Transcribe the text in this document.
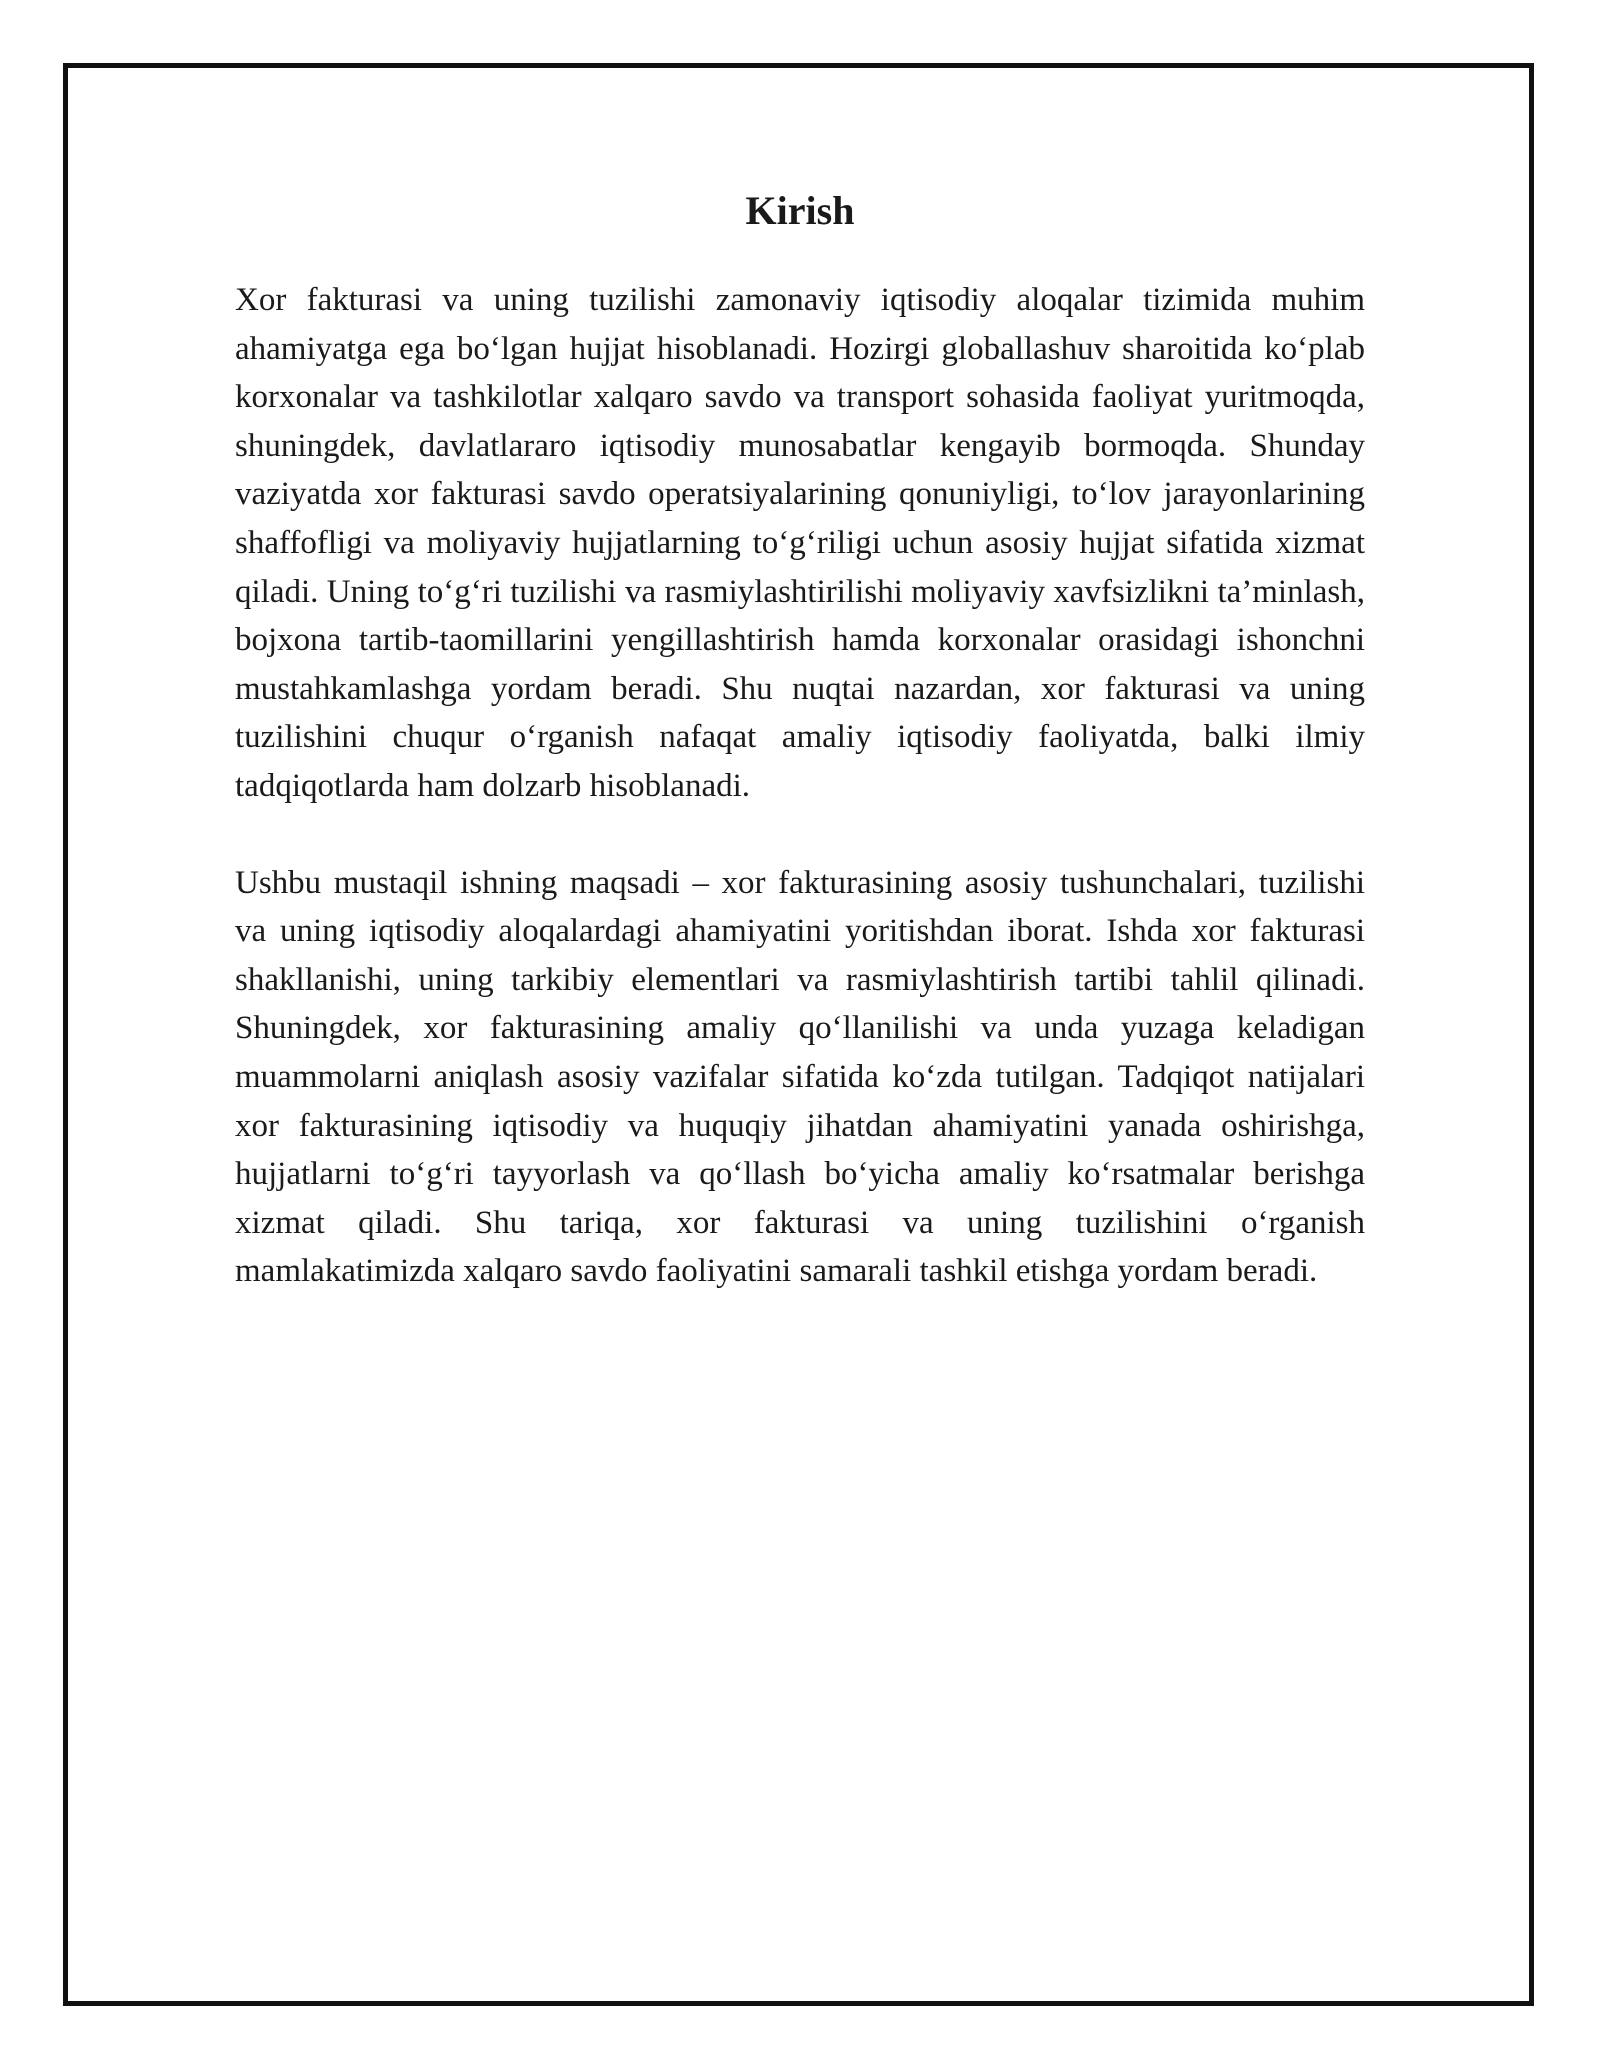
Kirish

Xor fakturasi va uning tuzilishi zamonaviy iqtisodiy aloqalar tizimida muhim ahamiyatga ega bo‘lgan hujjat hisoblanadi. Hozirgi globallashuv sharoitida ko‘plab korxonalar va tashkilotlar xalqaro savdo va transport sohasida faoliyat yuritmoqda, shuningdek, davlatlararo iqtisodiy munosabatlar kengayib bormoqda. Shunday vaziyatda xor fakturasi savdo operatsiyalarining qonuniyligi, to‘lov jarayonlarining shaffofligi va moliyaviy hujjatlarning to‘g‘riligi uchun asosiy hujjat sifatida xizmat qiladi. Uning to‘g‘ri tuzilishi va rasmiylashtirilishi moliyaviy xavfsizlikni ta’minlash, bojxona tartib-taomillarini yengillashtirish hamda korxonalar orasidagi ishonchni mustahkamlashga yordam beradi. Shu nuqtai nazardan, xor fakturasi va uning tuzilishini chuqur o‘rganish nafaqat amaliy iqtisodiy faoliyatda, balki ilmiy tadqiqotlarda ham dolzarb hisoblanadi.

Ushbu mustaqil ishning maqsadi – xor fakturasining asosiy tushunchalari, tuzilishi va uning iqtisodiy aloqalardagi ahamiyatini yoritishdan iborat. Ishda xor fakturasi shakllanishi, uning tarkibiy elementlari va rasmiylashtirish tartibi tahlil qilinadi. Shuningdek, xor fakturasining amaliy qo‘llanilishi va unda yuzaga keladigan muammolarni aniqlash asosiy vazifalar sifatida ko‘zda tutilgan. Tadqiqot natijalari xor fakturasining iqtisodiy va huquqiy jihatdan ahamiyatini yanada oshirishga, hujjatlarni to‘g‘ri tayyorlash va qo‘llash bo‘yicha amaliy ko‘rsatmalar berishga xizmat qiladi. Shu tariqa, xor fakturasi va uning tuzilishini o‘rganish mamlakatimizda xalqaro savdo faoliyatini samarali tashkil etishga yordam beradi.
